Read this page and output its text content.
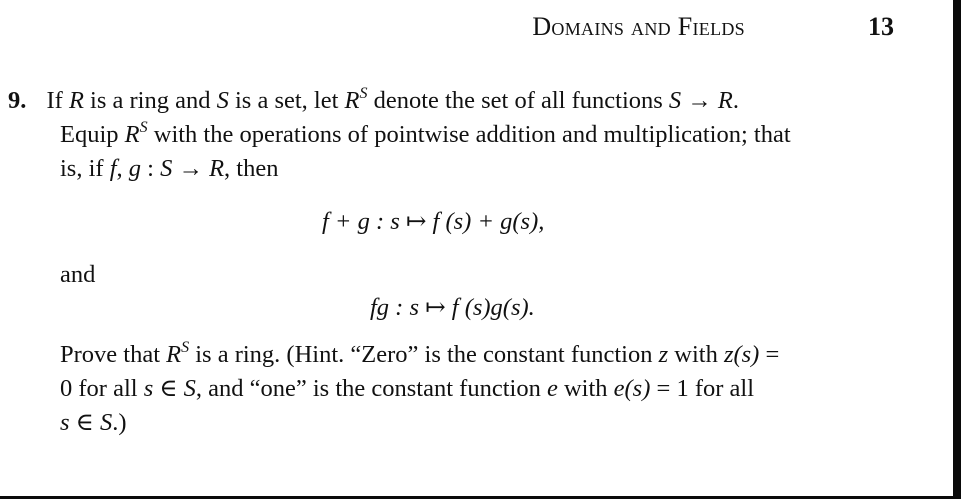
Domains and Fields	13
9. If R is a ring and S is a set, let $R^S$ denote the set of all functions S → R.
Equip $R^S$ with the operations of pointwise addition and multiplication; that
is, if f, g : S → R, then
f + g : s ↦ f (s) + g(s),
and
fg : s ↦ f (s)g(s).
Prove that $R^S$ is a ring. (Hint. “Zero” is the constant function z with z(s) =
0 for all s ∈ S, and “one” is the constant function e with e(s) = 1 for all
s ∈ S.)
